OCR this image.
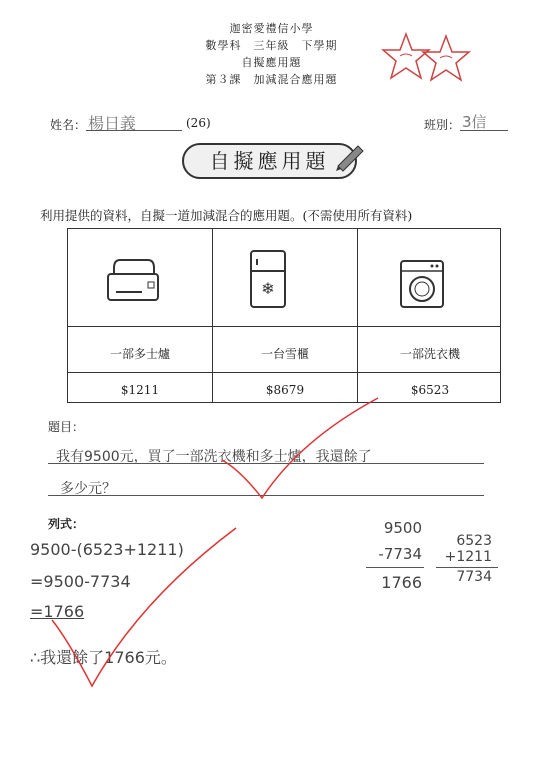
迦密愛禮信小學
數學科　三年級　下學期
自擬應用題
第３課　加減混合應用題
姓名： 楊日義	(26)	班別： 3信
自擬應用題
利用提供的資料，自擬一道加減混合的應用題。(不需使用所有資料)
❄
一部多士爐	一台雪櫃	一部洗衣機
$1211	$8679	$6523
題目：
我有9500元，買了一部洗衣機和多士爐，我還餘了
多少元？
列式：
9500-(6523+1211)
=9500-7734
=1766
∴我還餘了1766元。
9500
-7734
1766
6523
+1211
7734
